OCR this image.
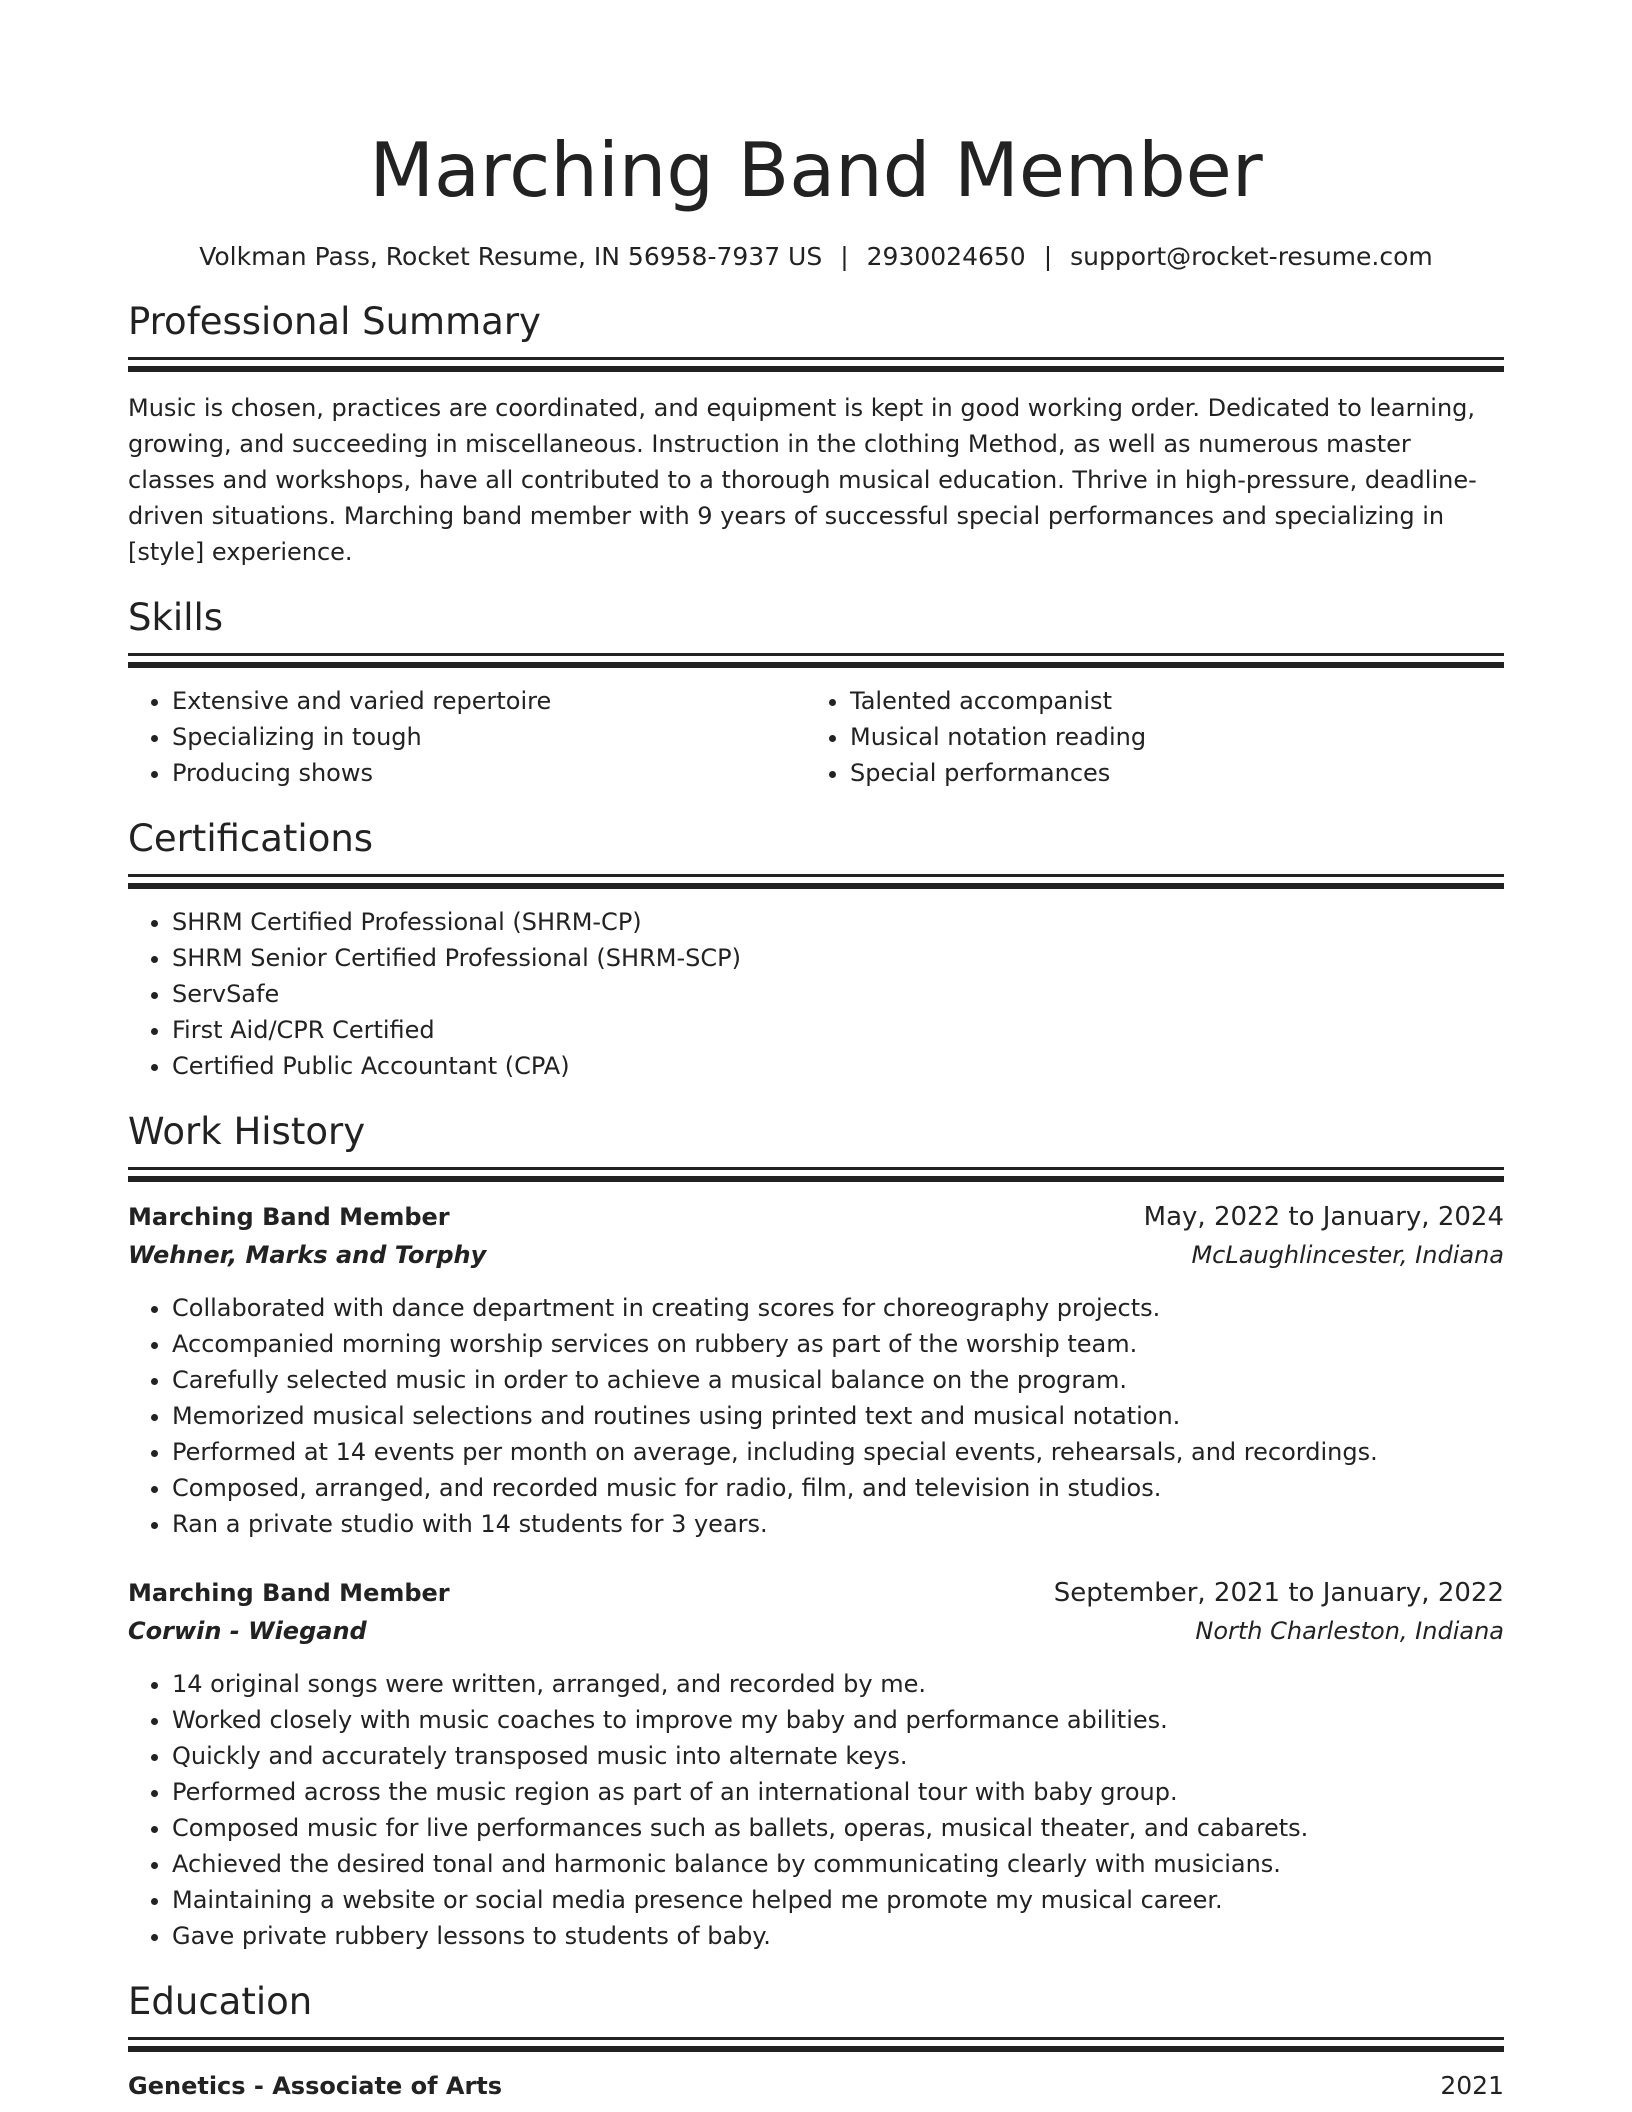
Marching Band Member
Volkman Pass, Rocket Resume, IN 56958-7937 US | 2930024650 | support@rocket-resume.com
Professional Summary

Music is chosen, practices are coordinated, and equipment is kept in good working order. Dedicated to learning, growing, and succeeding in miscellaneous. Instruction in the clothing Method, as well as numerous master classes and workshops, have all contributed to a thorough musical education. Thrive in high-pressure, deadline-driven situations. Marching band member with 9 years of successful special performances and specializing in [style] experience.

Skills
• Extensive and varied repertoire
• Specializing in tough
• Producing shows
• Talented accompanist
• Musical notation reading
• Special performances
Certifications
• SHRM Certified Professional (SHRM-CP)
• SHRM Senior Certified Professional (SHRM-SCP)
• ServSafe
• First Aid/CPR Certified
• Certified Public Accountant (CPA)
Work History
Marching Band Member	May, 2022 to January, 2024
Wehner, Marks and Torphy	McLaughlincester, Indiana
• Collaborated with dance department in creating scores for choreography projects.
• Accompanied morning worship services on rubbery as part of the worship team.
• Carefully selected music in order to achieve a musical balance on the program.
• Memorized musical selections and routines using printed text and musical notation.
• Performed at 14 events per month on average, including special events, rehearsals, and recordings.
• Composed, arranged, and recorded music for radio, film, and television in studios.
• Ran a private studio with 14 students for 3 years.
Marching Band Member	September, 2021 to January, 2022
Corwin - Wiegand	North Charleston, Indiana
• 14 original songs were written, arranged, and recorded by me.
• Worked closely with music coaches to improve my baby and performance abilities.
• Quickly and accurately transposed music into alternate keys.
• Performed across the music region as part of an international tour with baby group.
• Composed music for live performances such as ballets, operas, musical theater, and cabarets.
• Achieved the desired tonal and harmonic balance by communicating clearly with musicians.
• Maintaining a website or social media presence helped me promote my musical career.
• Gave private rubbery lessons to students of baby.
Education
Genetics - Associate of Arts	2021
